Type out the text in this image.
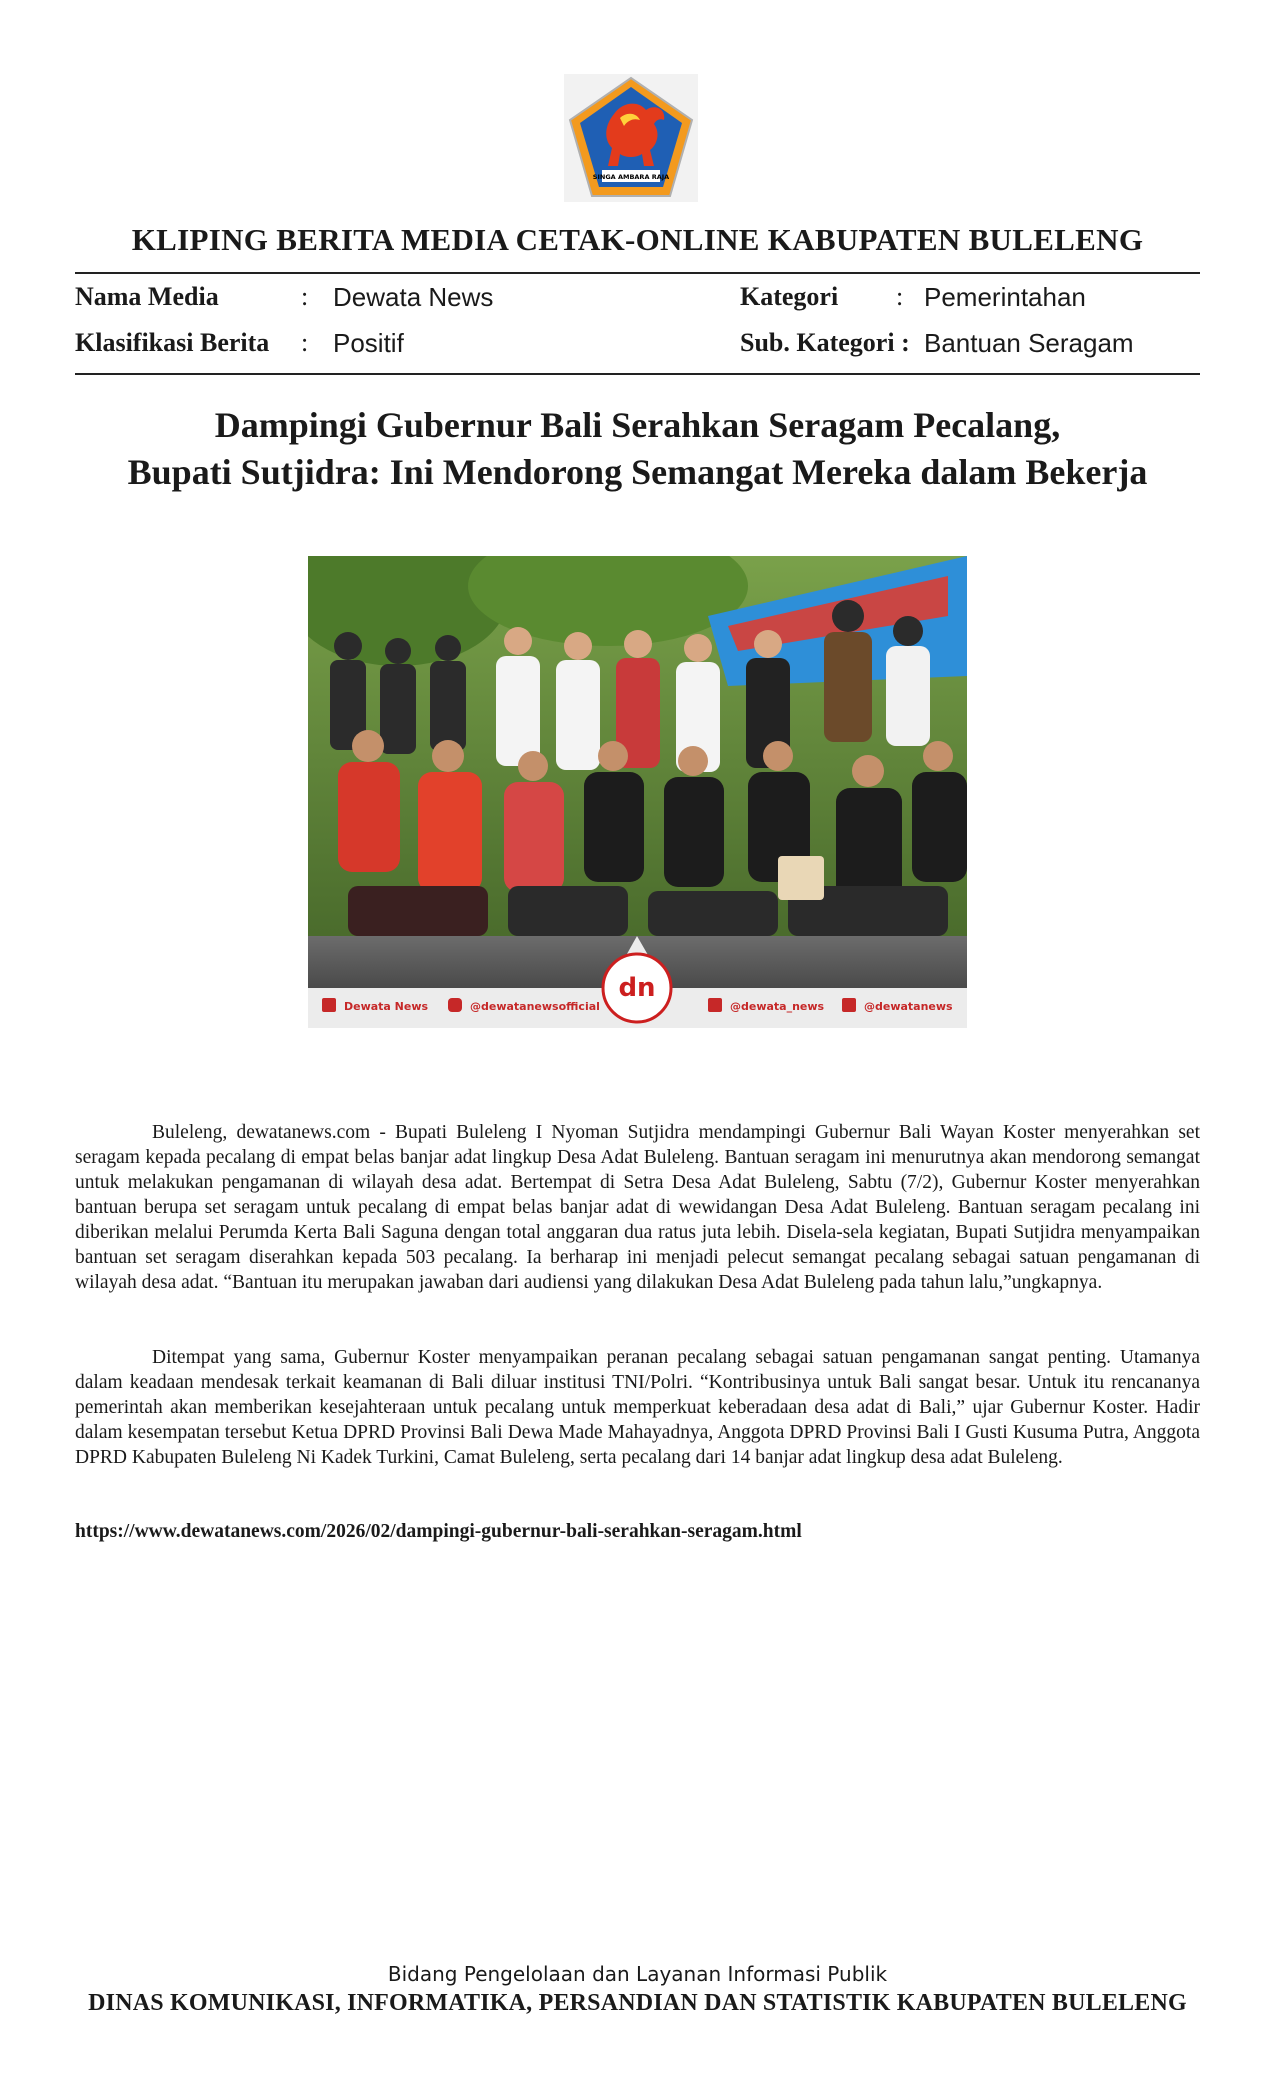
SINGA AMBARA RAJA
KLIPING BERITA MEDIA CETAK-ONLINE KABUPATEN BULELENG
Nama Media	: Dewata News
Klasifikasi Berita : Positif
Kategori : Pemerintahan
Sub. Kategori : Bantuan Seragam
Dampingi Gubernur Bali Serahkan Seragam Pecalang,
Bupati Sutjidra: Ini Mendorong Semangat Mereka dalam Bekerja
dn
Dewata News	@dewatanewsofficial	@dewata_news	@dewatanews

Buleleng, dewatanews.com - Bupati Buleleng I Nyoman Sutjidra mendampingi Gubernur Bali Wayan Koster menyerahkan set seragam kepada pecalang di empat belas banjar adat lingkup Desa Adat Buleleng. Bantuan seragam ini menurutnya akan mendorong semangat untuk melakukan pengamanan di wilayah desa adat. Bertempat di Setra Desa Adat Buleleng, Sabtu (7/2), Gubernur Koster menyerahkan bantuan berupa set seragam untuk pecalang di empat belas banjar adat di wewidangan Desa Adat Buleleng. Bantuan seragam pecalang ini diberikan melalui Perumda Kerta Bali Saguna dengan total anggaran dua ratus juta lebih. Disela-sela kegiatan, Bupati Sutjidra menyampaikan bantuan set seragam diserahkan kepada 503 pecalang. Ia berharap ini menjadi pelecut semangat pecalang sebagai satuan pengamanan di wilayah desa adat. “Bantuan itu merupakan jawaban dari audiensi yang dilakukan Desa Adat Buleleng pada tahun lalu,”ungkapnya.

Ditempat yang sama, Gubernur Koster menyampaikan peranan pecalang sebagai satuan pengamanan sangat penting. Utamanya dalam keadaan mendesak terkait keamanan di Bali diluar institusi TNI/Polri. “Kontribusinya untuk Bali sangat besar. Untuk itu rencananya pemerintah akan memberikan kesejahteraan untuk pecalang untuk memperkuat keberadaan desa adat di Bali,” ujar Gubernur Koster. Hadir dalam kesempatan tersebut Ketua DPRD Provinsi Bali Dewa Made Mahayadnya, Anggota DPRD Provinsi Bali I Gusti Kusuma Putra, Anggota DPRD Kabupaten Buleleng Ni Kadek Turkini, Camat Buleleng, serta pecalang dari 14 banjar adat lingkup desa adat Buleleng.

https://www.dewatanews.com/2026/02/dampingi-gubernur-bali-serahkan-seragam.html
Bidang Pengelolaan dan Layanan Informasi Publik
DINAS KOMUNIKASI, INFORMATIKA, PERSANDIAN DAN STATISTIK KABUPATEN BULELENG
